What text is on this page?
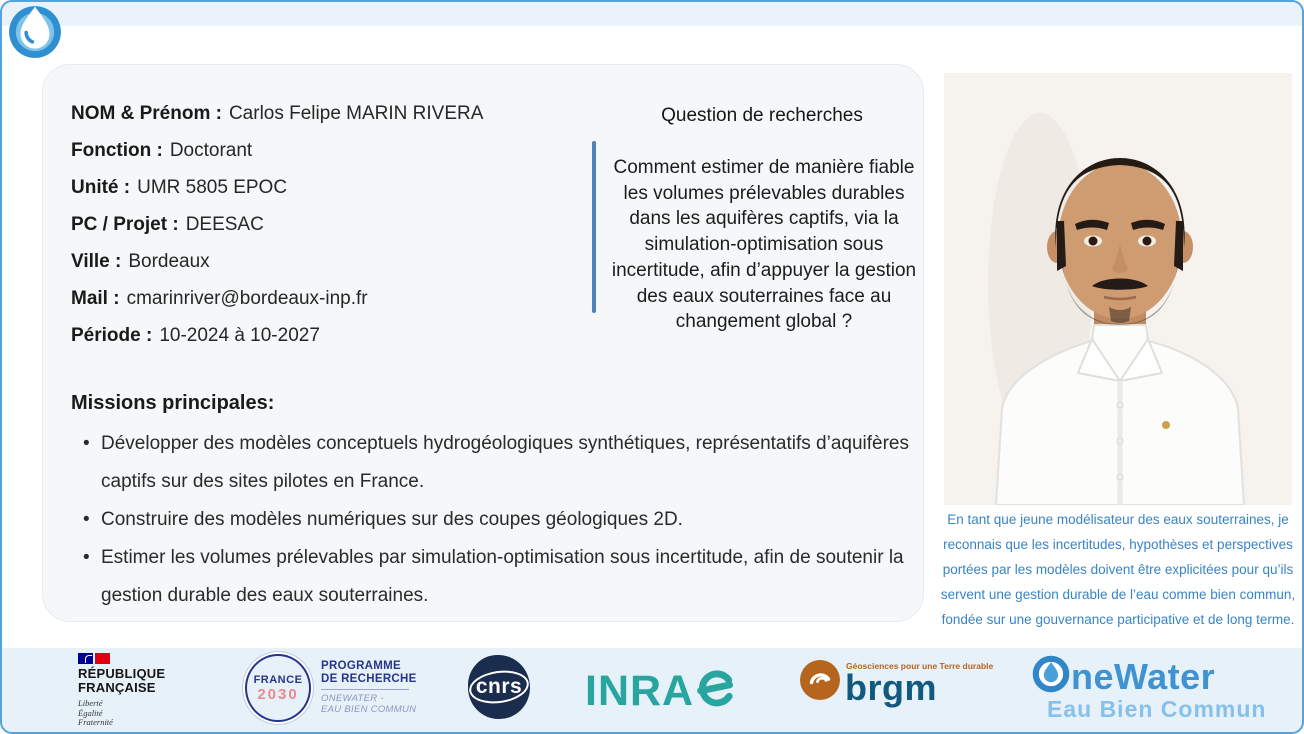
NOM & Prénom : Carlos Felipe MARIN RIVERA
Fonction : Doctorant
Unité : UMR 5805 EPOC
PC / Projet : DEESAC
Ville : Bordeaux
Mail : cmarinriver@bordeaux-inp.fr
Période : 10-2024 à 10-2027
Missions principales:
• Développer des modèles conceptuels hydrogéologiques synthétiques, représentatifs d’aquifères captifs sur des sites pilotes en France.
• Construire des modèles numériques sur des coupes géologiques 2D.
• Estimer les volumes prélevables par simulation-optimisation sous incertitude, afin de soutenir la gestion durable des eaux souterraines.
Question de recherches
Comment estimer de manière fiable les volumes prélevables durables dans les aquifères captifs, via la simulation-optimisation sous incertitude, afin d’appuyer la gestion des eaux souterraines face au changement global ?
En tant que jeune modélisateur des eaux souterraines, je reconnais que les incertitudes, hypothèses et perspectives portées par les modèles doivent être explicitées pour qu’ils servent une gestion durable de l’eau comme bien commun, fondée sur une gouvernance participative et de long terme.
RÉPUBLIQUE
FRANÇAISE
Liberté
Égalité
Fraternité
FRANCE
2030
PROGRAMME
DE RECHERCHE
ONEWATER -
EAU BIEN COMMUN
cnrs INRA
Géosciences pour une Terre durable
brgm	neWater
Eau Bien Commun
